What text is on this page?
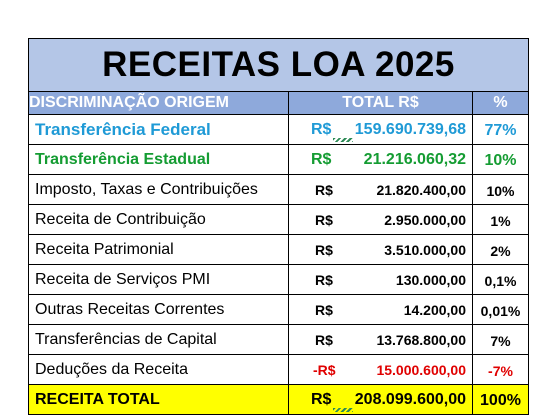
RECEITAS LOA 2025		
DISCRIMINAÇÃO ORIGEM	TOTAL R$	%
Transferência Federal	R$ 159.690.739,68	77%
Transferência Estadual	R$ 21.216.060,32	10%
Imposto, Taxas e Contribuições	R$ 21.820.400,00	10%
Receita de Contribuição	R$ 2.950.000,00	1%
Receita Patrimonial	R$ 3.510.000,00	2%
Receita de Serviços PMI	R$ 130.000,00	0,1%
Outras Receitas Correntes	R$ 14.200,00	0,01%
Transferências de Capital	R$ 13.768.800,00	7%
Deduções da Receita	-R$ 15.000.600,00	-7%
RECEITA TOTAL	R$ 208.099.600,00	100%
